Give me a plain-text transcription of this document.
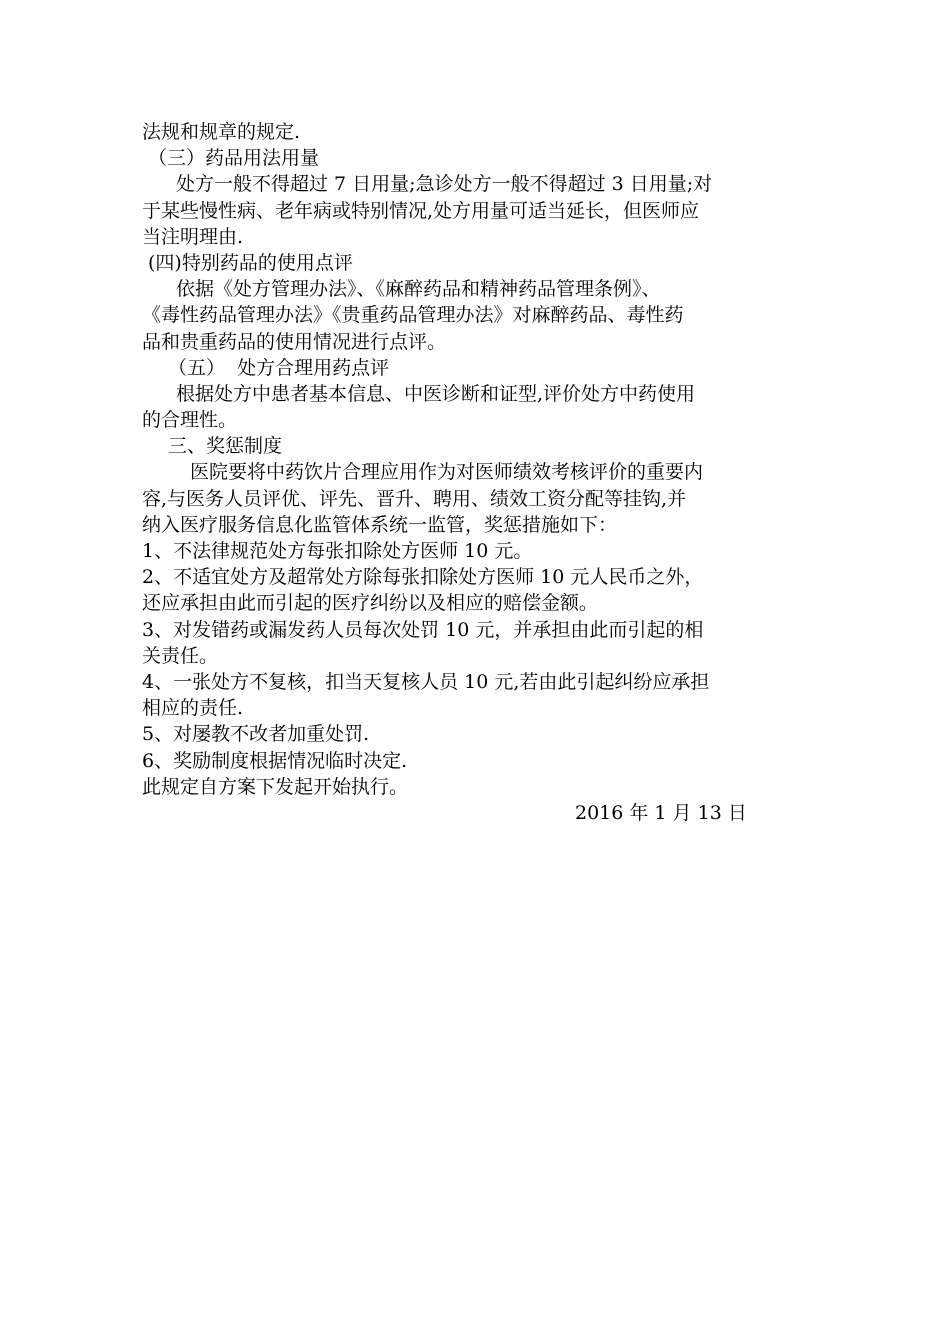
法规和规章的规定.
（三）药品用法用量
处方一般不得超过 7 日用量;急诊处方一般不得超过 3 日用量;对
于某些慢性病、老年病或特别情况,处方用量可适当延长，但医师应
当注明理由.
(四)特别药品的使用点评
依据《处方管理办法》、《麻醉药品和精神药品管理条例》、
《毒性药品管理办法》《贵重药品管理办法》对麻醉药品、毒性药
品和贵重药品的使用情况进行点评。
（五）  处方合理用药点评
根据处方中患者基本信息、中医诊断和证型,评价处方中药使用
的合理性。
三、奖惩制度
医院要将中药饮片合理应用作为对医师绩效考核评价的重要内
容,与医务人员评优、评先、晋升、聘用、绩效工资分配等挂钩,并
纳入医疗服务信息化监管体系统一监管，奖惩措施如下：
1、不法律规范处方每张扣除处方医师 10 元。
2、不适宜处方及超常处方除每张扣除处方医师 10 元人民币之外，
还应承担由此而引起的医疗纠纷以及相应的赔偿金额。
3、对发错药或漏发药人员每次处罚 10 元，并承担由此而引起的相
关责任。
4、一张处方不复核，扣当天复核人员 10 元,若由此引起纠纷应承担
相应的责任.
5、对屡教不改者加重处罚.
6、奖励制度根据情况临时决定.
此规定自方案下发起开始执行。
2016 年 1 月 13 日
